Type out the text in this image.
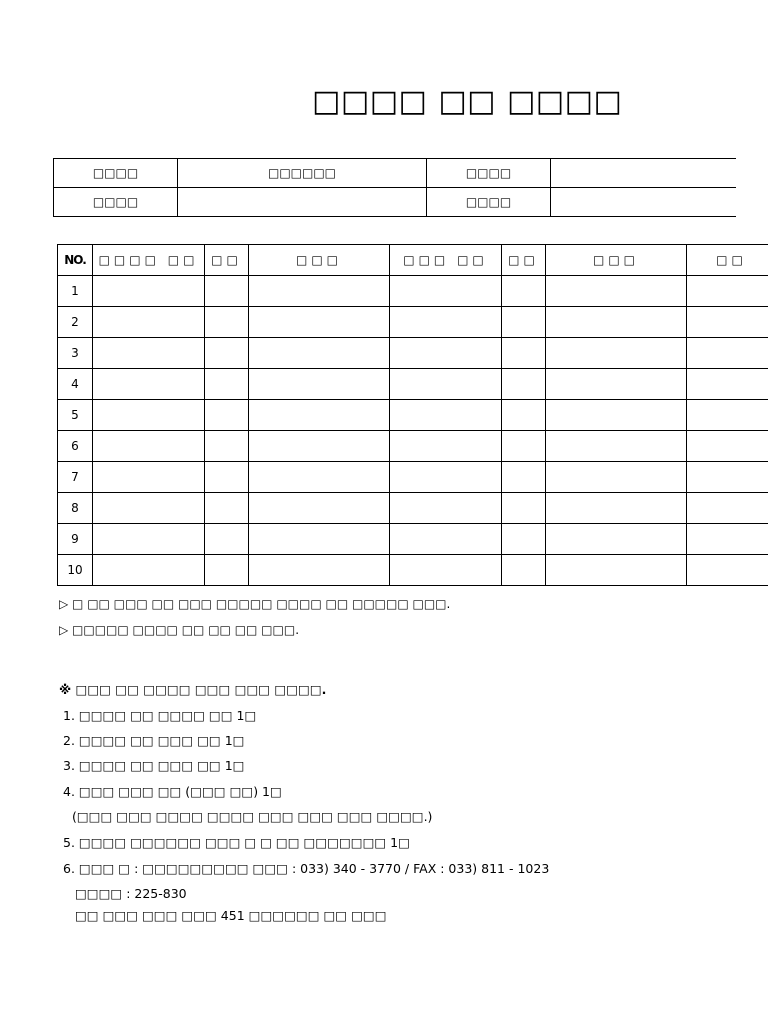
□□□□ □□ □□□□
□□□□	□□□□□□	□□□□	
□□□□		□□□□	
NO.	□□□□ □□	□□	□□□	□□□ □□	□□	□□□	□□
1							
2							
3							
4							
5							
6							
7							
8							
9							
10							
▷ □ □□ □□□ □□ □□□ □□□□□ □□□□ □□ □□□□□ □□□.
▷ □□□□□ □□□□ □□ □□ □□ □□□.
※ □□□ □□ □□□□ □□□ □□□ □□□□.
1. □□□□ □□ □□□□ □□ 1□
2. □□□□ □□ □□□ □□ 1□
3. □□□□ □□ □□□ □□ 1□
4. □□□ □□□ □□ (□□□ □□) 1□
(□□□ □□□ □□□□ □□□□ □□□ □□□ □□□ □□□□.)
5. □□□□ □□□□□□ □□□ □ □ □□ □□□□□□□ 1□
6. □□□ □ : □□□□□□□□□ □□□ : 033) 340 - 3770 / FAX : 033) 811 - 1023
□□□□ : 225-830
□□ □□□ □□□ □□□ 451 □□□□□□ □□ □□□
